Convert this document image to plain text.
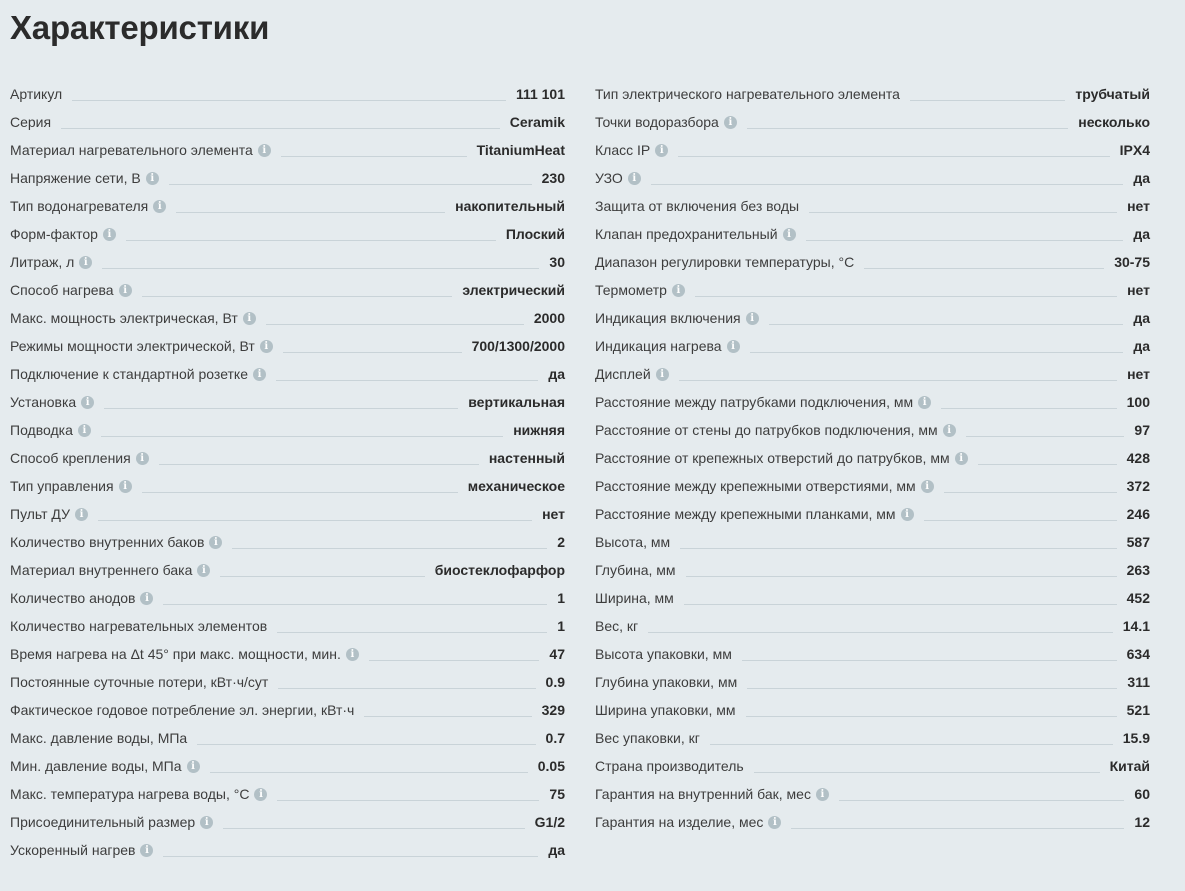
Характеристики
Артикул	111 101
Серия	Ceramik
Материал нагревательного элемента i	TitaniumHeat
Напряжение сети, В i	230
Тип водонагревателя i	накопительный
Форм-фактор i	Плоский
Литраж, л i	30
Способ нагрева i	электрический
Макс. мощность электрическая, Вт i	2000
Режимы мощности электрической, Вт i	700/1300/2000
Подключение к стандартной розетке i	да
Установка i	вертикальная
Подводка i	нижняя
Способ крепления i	настенный
Тип управления i	механическое
Пульт ДУ i	нет
Количество внутренних баков i	2
Материал внутреннего бака i	биостеклофарфор
Количество анодов i	1
Количество нагревательных элементов	1
Время нагрева на Δt 45° при макс. мощности, мин. i	47
Постоянные суточные потери, кВт·ч/сут	0.9
Фактическое годовое потребление эл. энергии, кВт·ч	329
Макс. давление воды, МПа	0.7
Мин. давление воды, МПа i	0.05
Макс. температура нагрева воды, °С i	75
Присоединительный размер i	G1/2
Ускоренный нагрев i	да
Тип электрического нагревательного элемента	трубчатый
Точки водоразбора i	несколько
Класс IP i	IPX4
УЗО i	да
Защита от включения без воды	нет
Клапан предохранительный i	да
Диапазон регулировки температуры, °С	30-75
Термометр i	нет
Индикация включения i	да
Индикация нагрева i	да
Дисплей i	нет
Расстояние между патрубками подключения, мм i	100
Расстояние от стены до патрубков подключения, мм i	97
Расстояние от крепежных отверстий до патрубков, мм i	428
Расстояние между крепежными отверстиями, мм i	372
Расстояние между крепежными планками, мм i	246
Высота, мм	587
Глубина, мм	263
Ширина, мм	452
Вес, кг	14.1
Высота упаковки, мм	634
Глубина упаковки, мм	311
Ширина упаковки, мм	521
Вес упаковки, кг	15.9
Страна производитель	Китай
Гарантия на внутренний бак, мес i	60
Гарантия на изделие, мес i	12
